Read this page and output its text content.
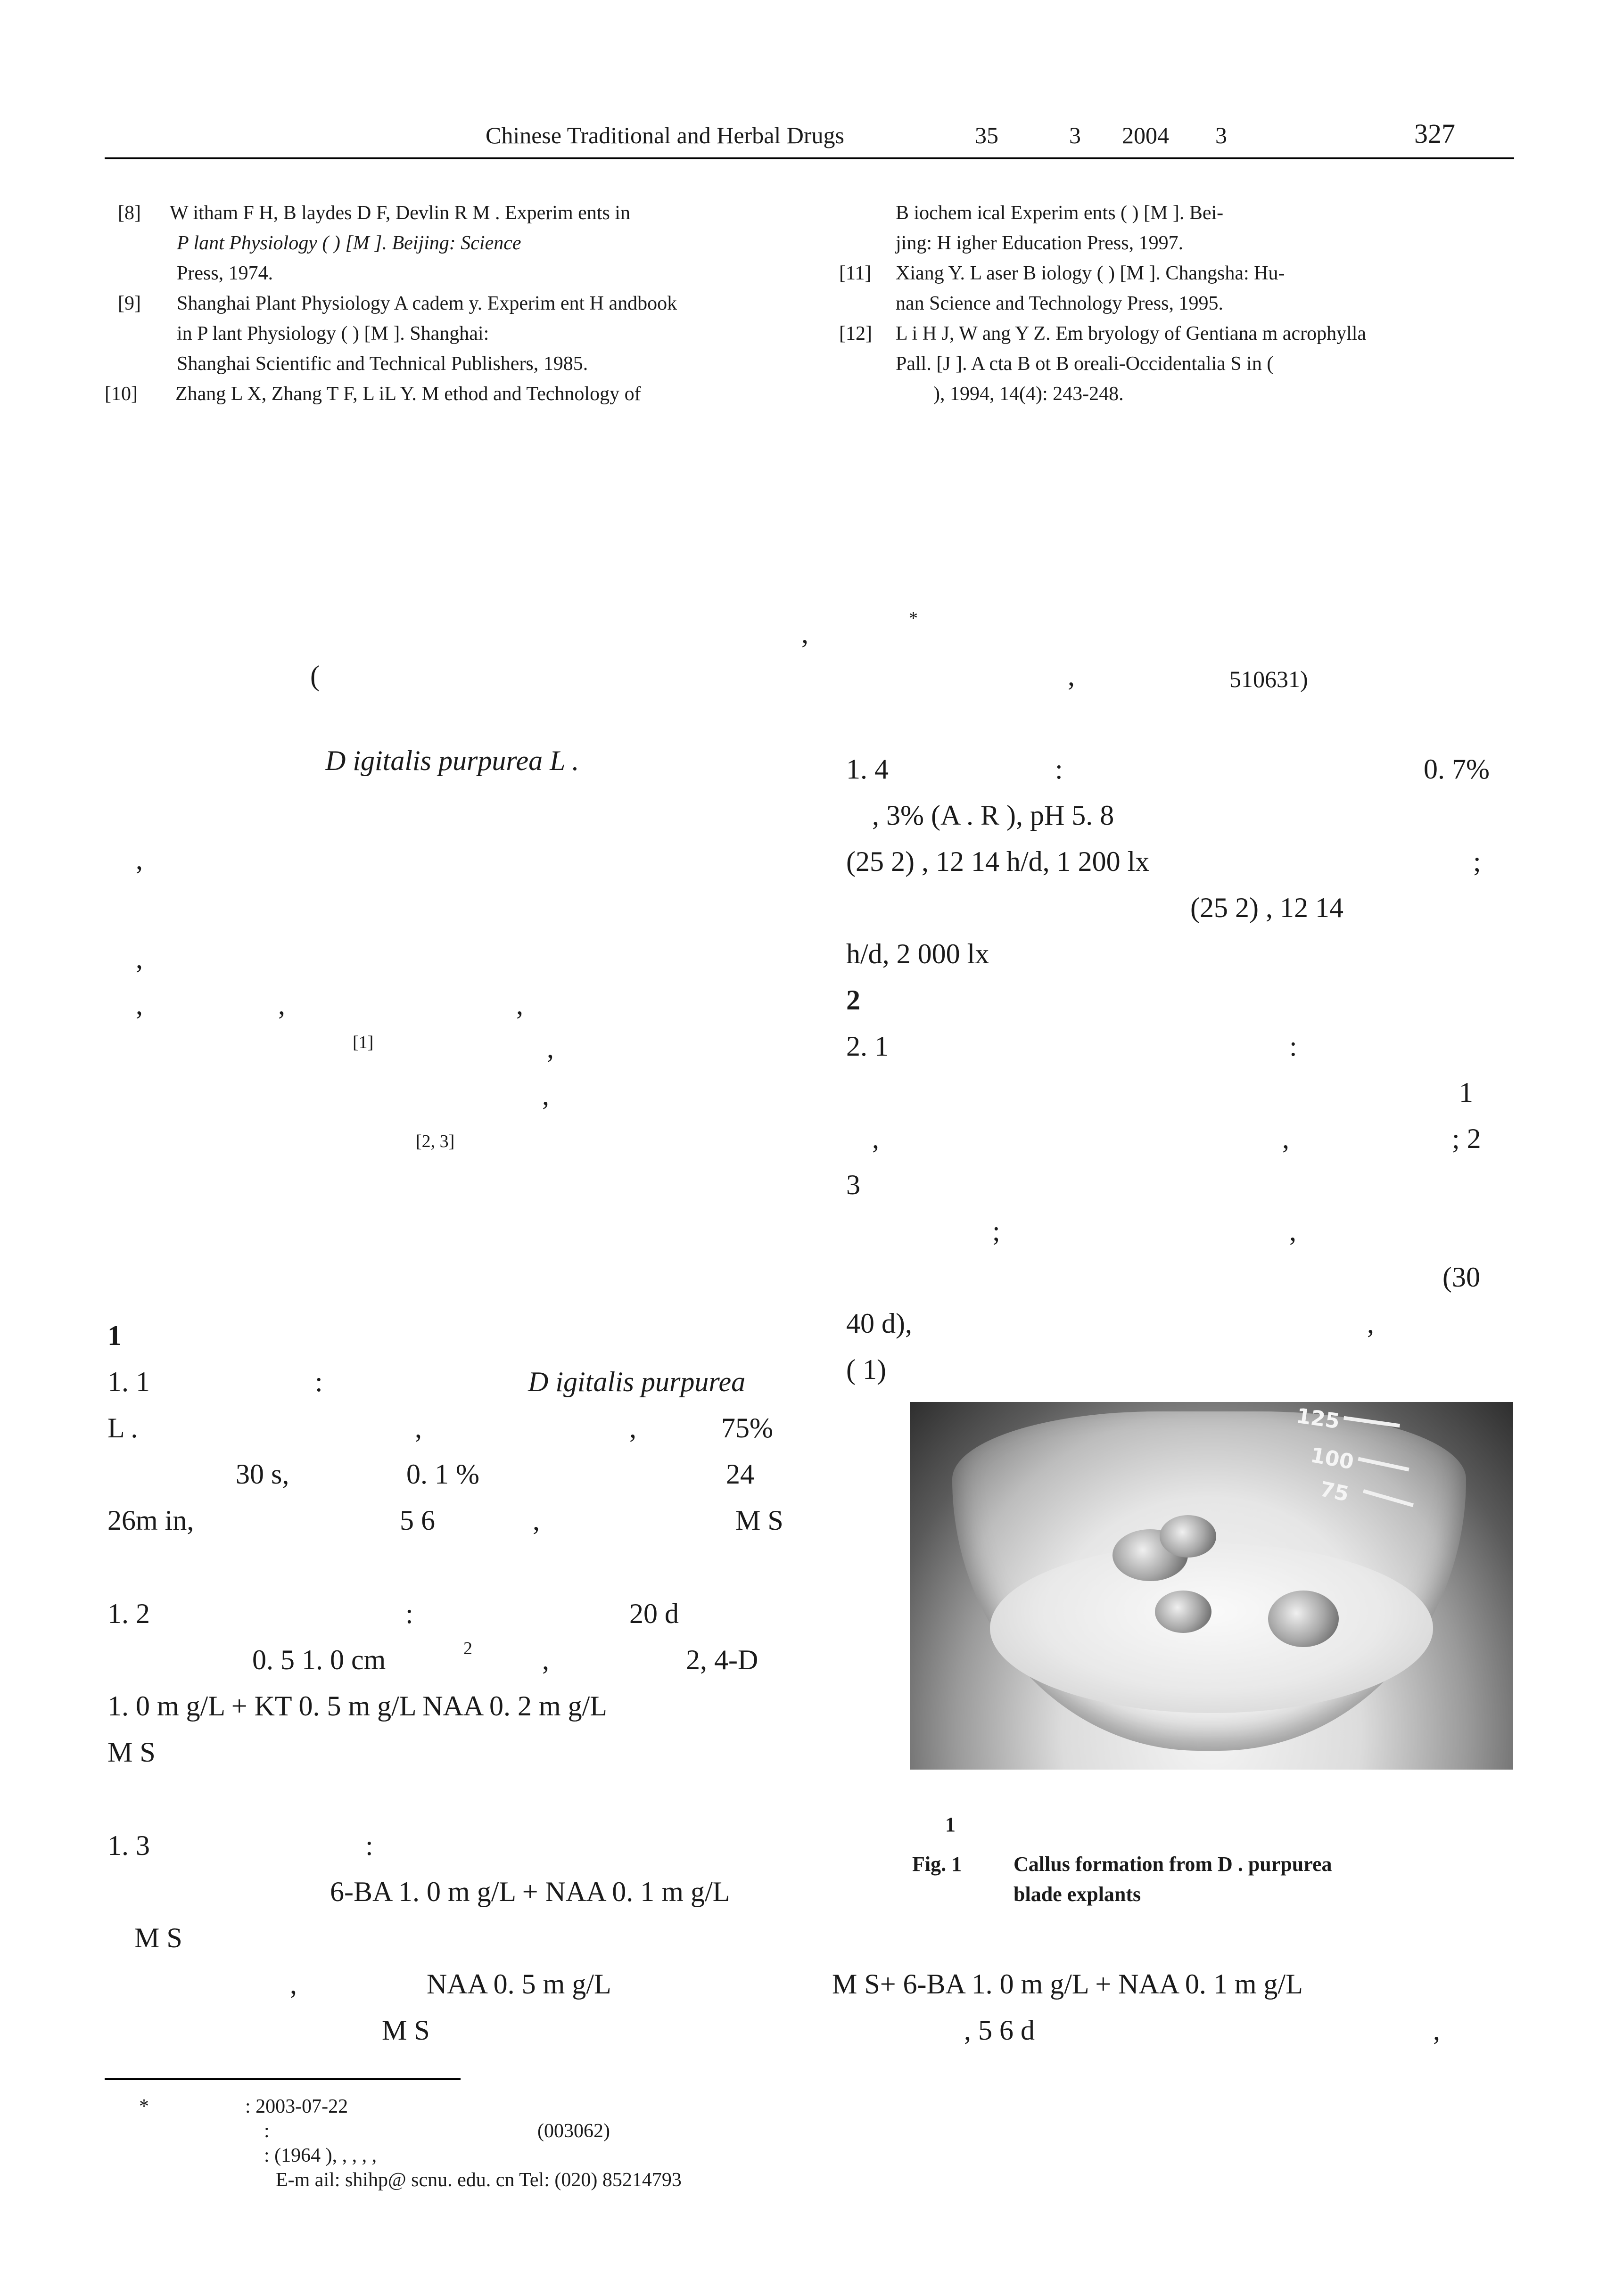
Chinese Traditional and Herbal Drugs	35	3 2004 3	327
[8] W itham F H, B laydes D F, Devlin R M . Experim ents in
P lant Physiology ( ) [M ]. Beijing: Science
Press, 1974.
[9] Shanghai Plant Physiology A cadem y. Experim ent H andbook
in P lant Physiology ( ) [M ]. Shanghai:
Shanghai Scientific and Technical Publishers, 1985.
[10] Zhang L X, Zhang T F, L iL Y. M ethod and Technology of
B iochem ical Experim ents ( ) [M ]. Bei-
jing: H igher Education Press, 1997.
[11] Xiang Y. L aser B iology ( ) [M ]. Changsha: Hu-
nan Science and Technology Press, 1995.
[12] L i H J, W ang Y Z. Em bryology of Gentiana m acrophylla
Pall. [J ]. A cta B ot B oreali-Occidentalia S in (
), 1994, 14(4): 243-248.
*
,
(	,	510631)
D igitalis purpurea L .
,
,
,	,	,
[1]	,
,
[2, 3]
1
1. 1	:	D igitalis purpurea
L .	,	,	75%
30 s,	0. 1 %	24
26m in,	5 6	,	M S
1. 2	:	20 d
0. 5 1. 0 cm	2 ,	2, 4-D
1. 0 m g/L + KT 0. 5 m g/L NAA 0. 2 m g/L
M S
1. 3	:
6-BA 1. 0 m g/L + NAA 0. 1 m g/L
M S
,	NAA 0. 5 m g/L
M S
*	: 2003-07-22
:	(003062)
: (1964 ), , , , ,
E-m ail: shihp@ scnu. edu. cn Tel: (020) 85214793
1. 4	:	0. 7%
, 3% (A . R ), pH 5. 8
(25 2) , 12 14 h/d, 1 200 lx	;
(25 2) , 12 14
h/d, 2 000 lx
2
2. 1	:
1
,	,	; 2
3
;	,
(30
40 d),	,
( 1)
125
100
75
1
Fig. 1 Callus formation from D . purpurea
blade explants
M S+ 6-BA 1. 0 m g/L + NAA 0. 1 m g/L
, 5 6 d	,
